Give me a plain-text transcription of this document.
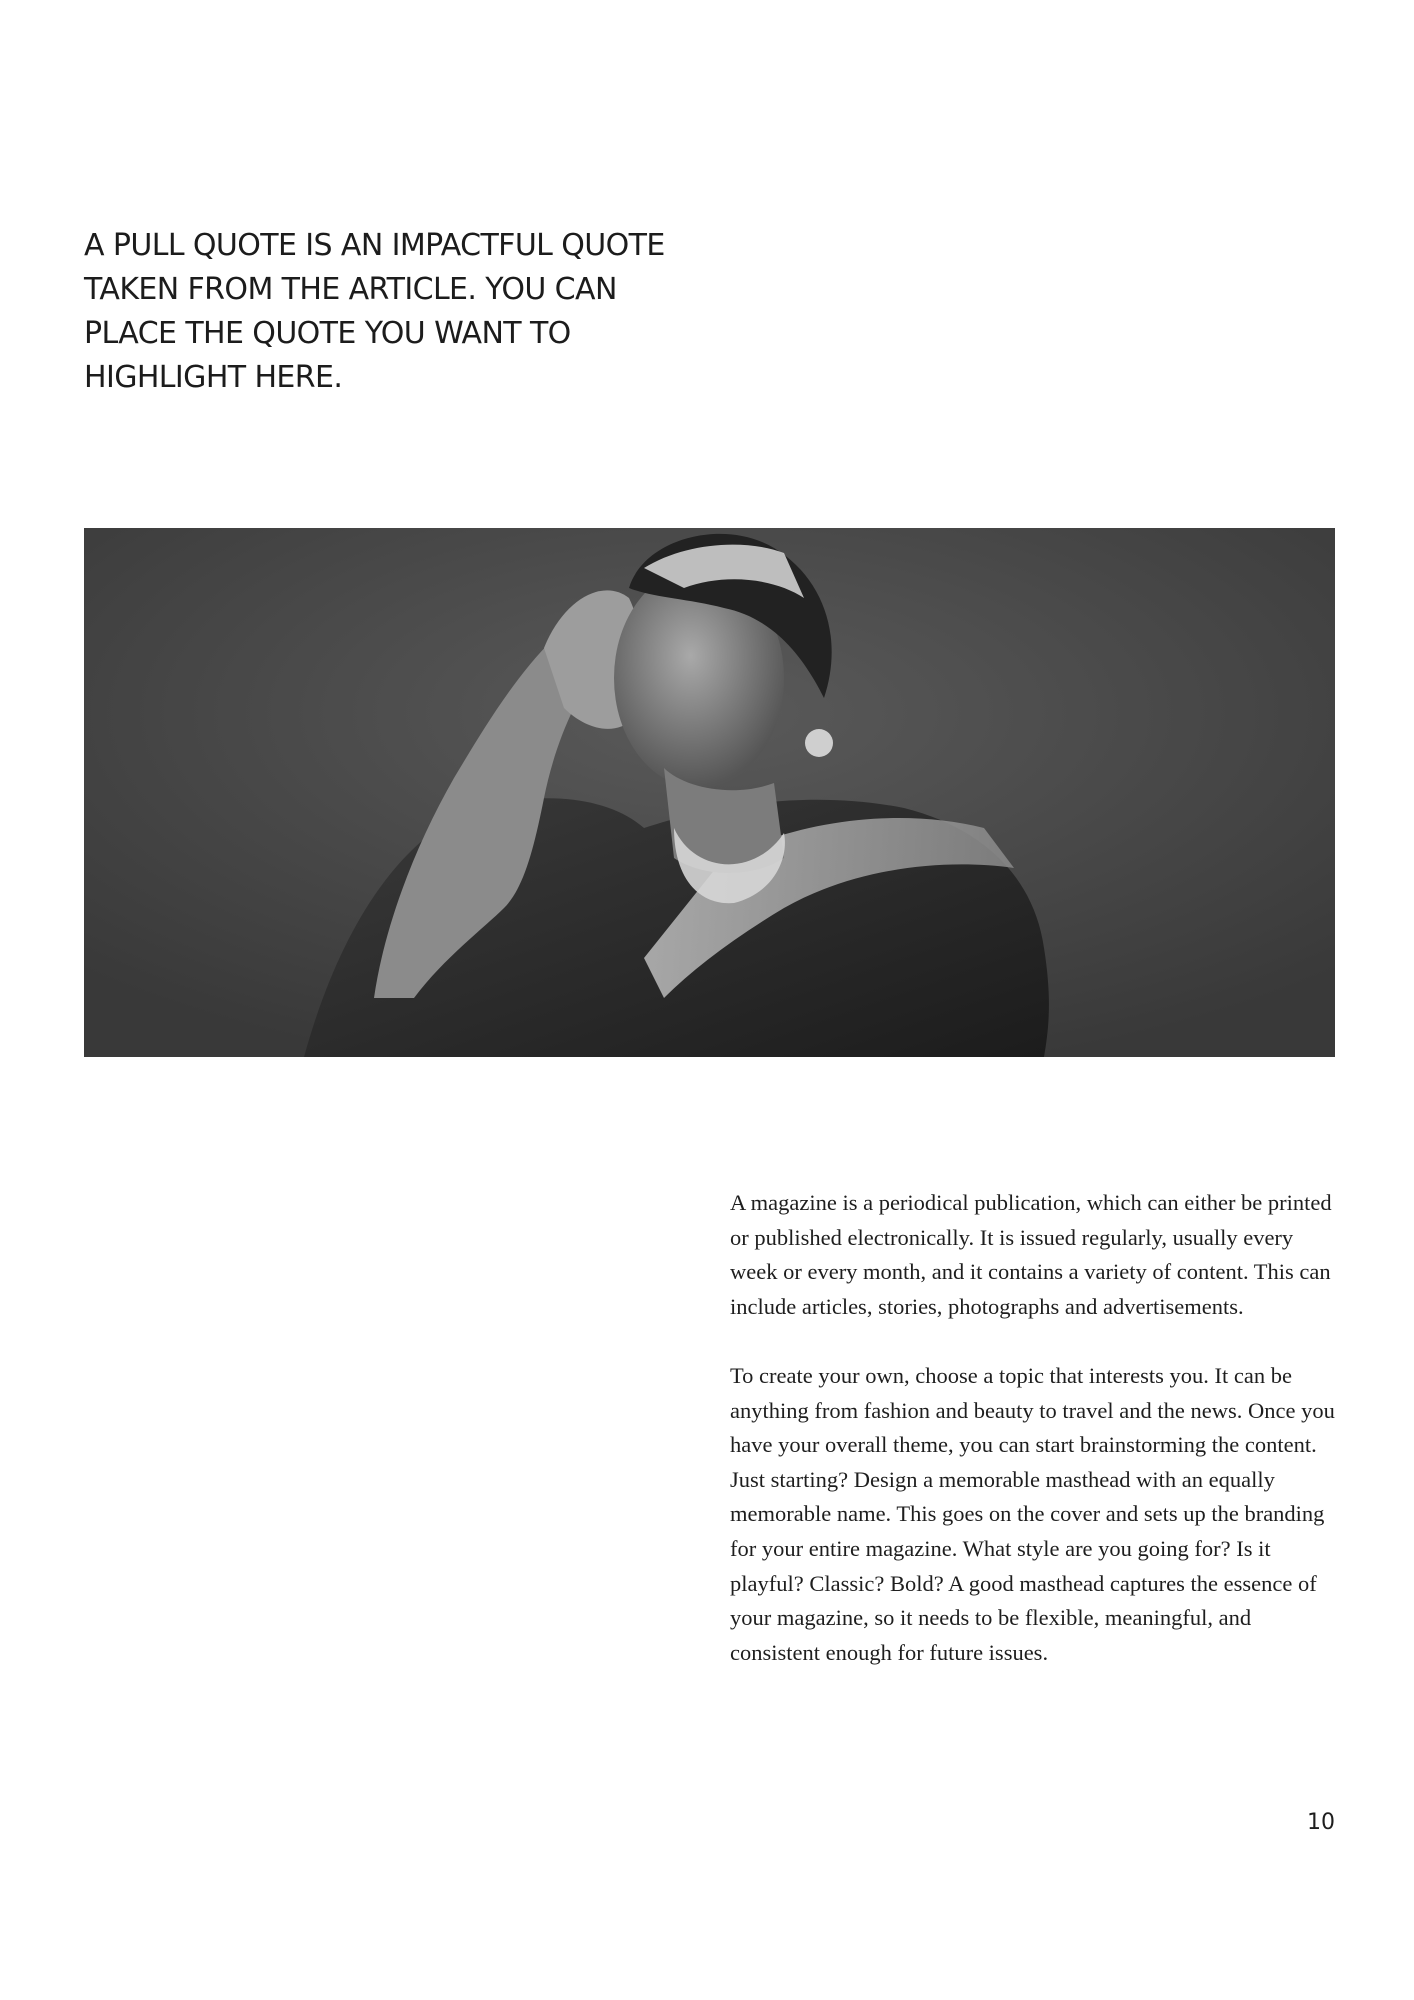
A PULL QUOTE IS AN IMPACTFUL QUOTE TAKEN FROM THE ARTICLE. YOU CAN PLACE THE QUOTE YOU WANT TO HIGHLIGHT HERE.

A magazine is a periodical publication, which can either be printed or published electronically. It is issued regularly, usually every week or every month, and it contains a variety of content. This can include articles, stories, photographs and advertisements.

To create your own, choose a topic that interests you. It can be anything from fashion and beauty to travel and the news. Once you have your overall theme, you can start brainstorming the content. Just starting? Design a memorable masthead with an equally memorable name. This goes on the cover and sets up the branding for your entire magazine. What style are you going for? Is it playful? Classic? Bold? A good masthead captures the essence of your magazine, so it needs to be flexible, meaningful, and consistent enough for future issues.

10
